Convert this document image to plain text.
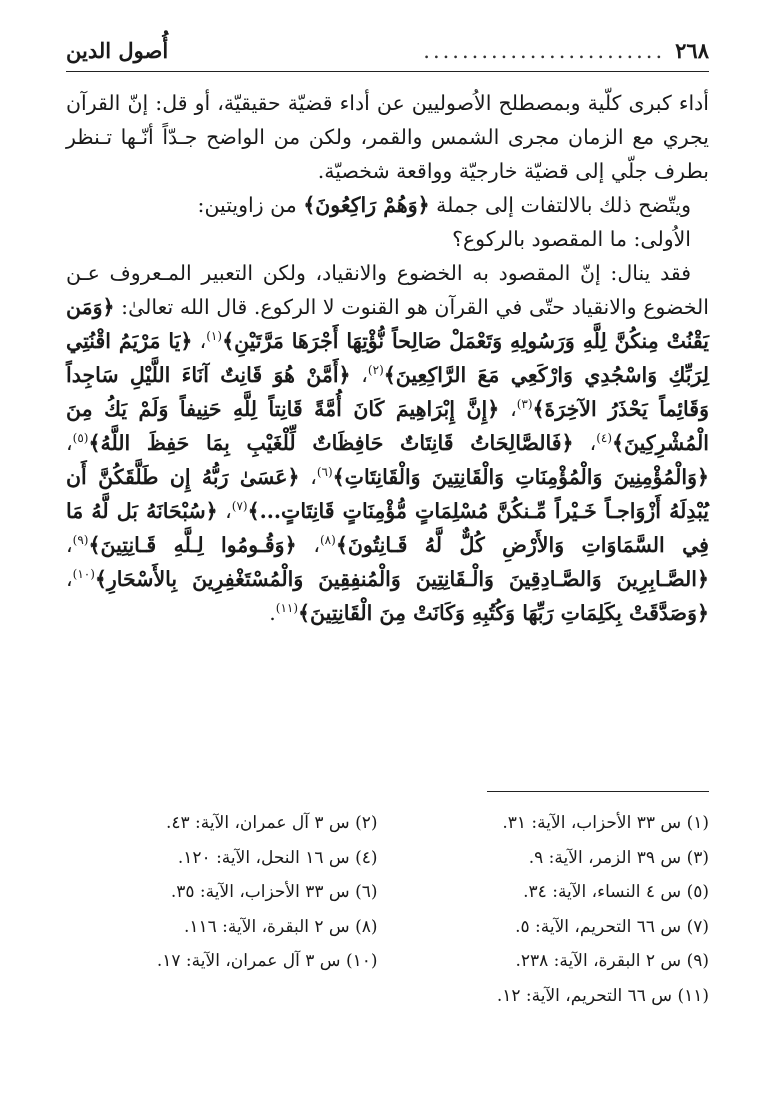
٢٦٨
.........................
أُصول الدين

أداء كبرى كلّية وبمصطلح الاُصوليين عن أداء قضيّة حقيقيّة، أو قل: إنّ القرآن يجري مع الزمان مجرى الشمس والقمر، ولكن من الواضح جـدّاً أنّـها تـنظر بطرف جلّي إلى قضيّة خارجيّة وواقعة شخصيّة.

ويتّضح ذلك بالالتفات إلى جملة ﴿وَهُمْ رَاكِعُونَ﴾ من زاويتين:

الاُولى: ما المقصود بالركوع؟

فقد ينال: إنّ المقصود به الخضوع والانقياد، ولكن التعبير المـعروف عـن الخضوع والانقياد حتّى في القرآن هو القنوت لا الركوع. قال الله تعالىٰ: ﴿وَمَن يَقْنُتْ مِنكُنَّ لِلَّهِ وَرَسُولِهِ وَتَعْمَلْ صَالِحاً نُّؤْتِهَا أَجْرَهَا مَرَّتَيْنِ﴾$^{(١)}$، ﴿يَا مَرْيَمُ اقْنُتِي لِرَبِّكِ وَاسْجُدِي وَارْكَعِي مَعَ الرَّاكِعِينَ﴾$^{(٢)}$، ﴿أَمَّنْ هُوَ قَانِتٌ آنَاءَ اللَّيْلِ سَاجِداً وَقَائِماً يَحْذَرُ الآخِرَةَ﴾$^{(٣)}$، ﴿إِنَّ إِبْرَاهِيمَ كَانَ أُمَّةً قَانِتاً لِلَّهِ حَنِيفاً وَلَمْ يَكُ مِنَ الْمُشْرِكِينَ﴾$^{(٤)}$، ﴿فَالصَّالِحَاتُ قَانِتَاتٌ حَافِظَاتٌ لِّلْغَيْبِ بِمَا حَفِظَ اللَّهُ﴾$^{(٥)}$، ﴿وَالْمُؤْمِنِينَ وَالْمُؤْمِنَاتِ وَالْقَانِتِينَ وَالْقَانِتَاتِ﴾$^{(٦)}$، ﴿عَسَىٰ رَبُّهُ إِن طَلَّقَكُنَّ أَن يُبْدِلَهُ أَزْوَاجـاً خَـيْراً مِّـنكُنَّ مُسْلِمَاتٍ مُّؤْمِنَاتٍ قَانِتَاتٍ...﴾$^{(٧)}$، ﴿سُبْحَانَهُ بَل لَّهُ مَا فِي السَّمَاوَاتِ وَالأَرْضِ كُلٌّ لَّهُ قَـانِتُونَ﴾$^{(٨)}$، ﴿وَقُـومُوا لِـلَّهِ قَـانِتِينَ﴾$^{(٩)}$، ﴿الصَّـابِرِينَ وَالصَّـادِقِينَ وَالْـقَانِتِينَ وَالْمُنفِقِينَ وَالْمُسْتَغْفِرِينَ بِالأَسْحَارِ﴾$^{(١٠)}$، ﴿وَصَدَّقَتْ بِكَلِمَاتِ رَبِّهَا وَكُتُبِهِ وَكَانَتْ مِنَ الْقَانِتِينَ﴾$^{(١١)}$.

(١) س ٣٣ الأحزاب، الآية: ٣١.
(٢) س ٣ آل عمران، الآية: ٤٣.
(٣) س ٣٩ الزمر، الآية: ٩.
(٤) س ١٦ النحل، الآية: ١٢٠.
(٥) س ٤ النساء، الآية: ٣٤.
(٦) س ٣٣ الأحزاب، الآية: ٣٥.
(٧) س ٦٦ التحريم، الآية: ٥.
(٨) س ٢ البقرة، الآية: ١١٦.
(٩) س ٢ البقرة، الآية: ٢٣٨.
(١٠) س ٣ آل عمران، الآية: ١٧.
(١١) س ٦٦ التحريم، الآية: ١٢.
